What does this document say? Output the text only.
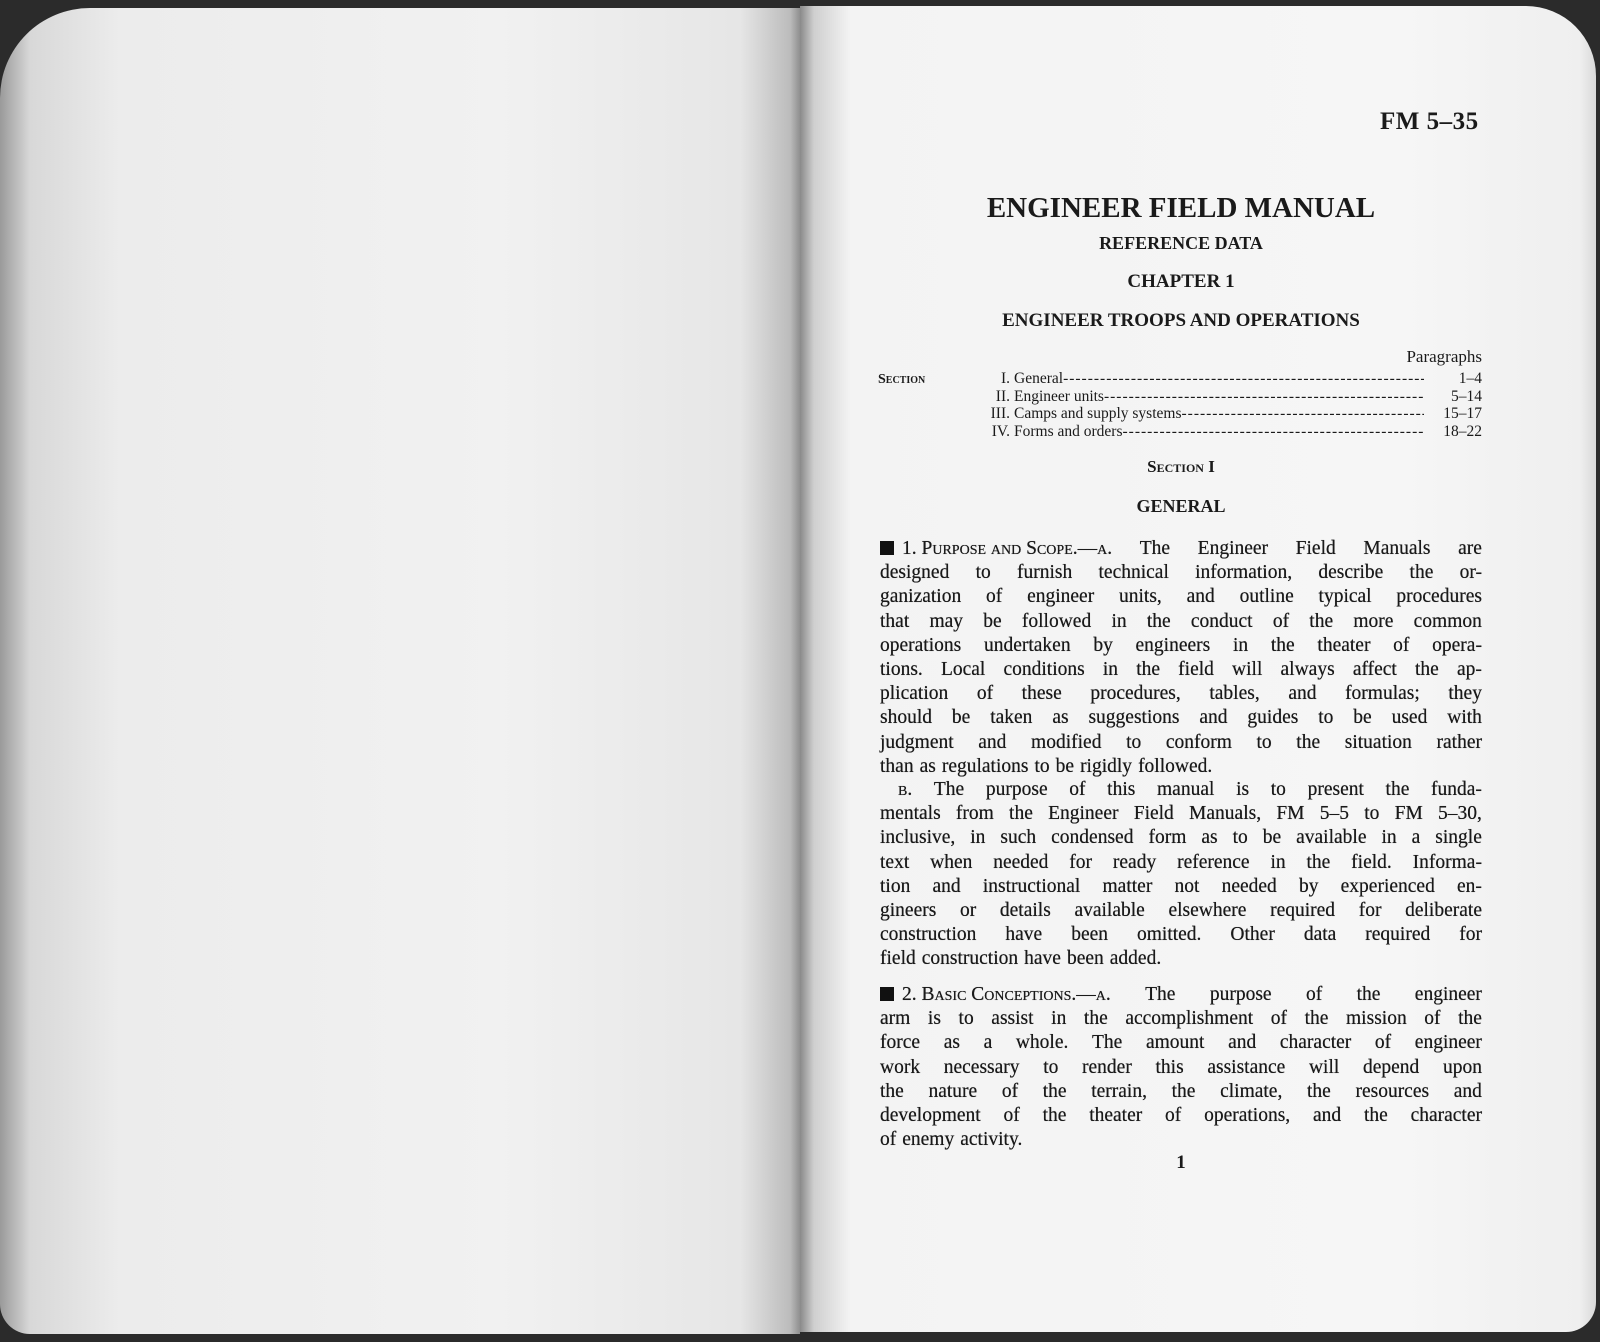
FM 5–35
ENGINEER FIELD MANUAL
REFERENCE DATA
CHAPTER 1
ENGINEER TROOPS AND OPERATIONS
Paragraphs
Section	I. General -----	1–4
II. Engineer units -----	5–14
III. Camps and supply systems -----	15–17
IV. Forms and orders -----	18–22
Section I
GENERAL
1. Purpose and Scope.—a. The Engineer Field Manuals are
designed to furnish technical information, describe the or-
ganization of engineer units, and outline typical procedures
that may be followed in the conduct of the more common
operations undertaken by engineers in the theater of opera-
tions. Local conditions in the field will always affect the ap-
plication of these procedures, tables, and formulas; they
should be taken as suggestions and guides to be used with
judgment and modified to conform to the situation rather
than as regulations to be rigidly followed.
b. The purpose of this manual is to present the funda-
mentals from the Engineer Field Manuals, FM 5–5 to FM 5–30,
inclusive, in such condensed form as to be available in a single
text when needed for ready reference in the field. Informa-
tion and instructional matter not needed by experienced en-
gineers or details available elsewhere required for deliberate
construction have been omitted. Other data required for
field construction have been added.
2. Basic Conceptions.—a. The purpose of the engineer
arm is to assist in the accomplishment of the mission of the
force as a whole. The amount and character of engineer
work necessary to render this assistance will depend upon
the nature of the terrain, the climate, the resources and
development of the theater of operations, and the character
of enemy activity.
1
